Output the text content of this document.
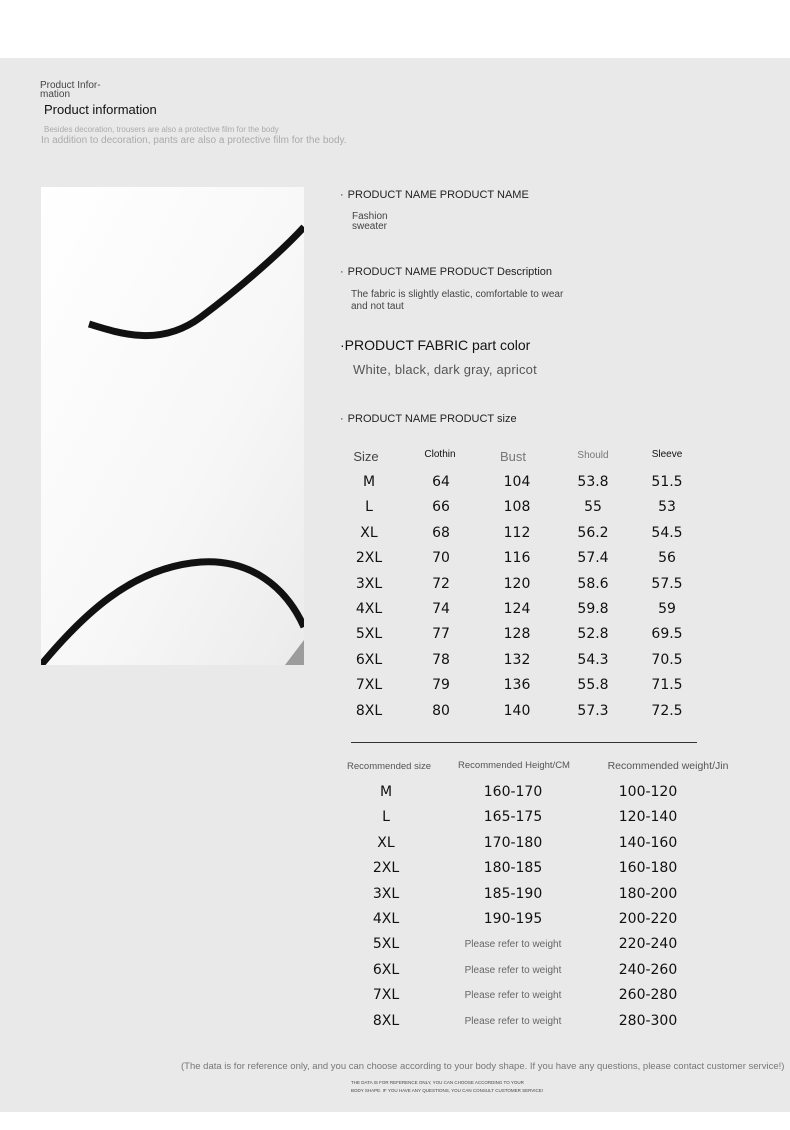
Product Infor-mation
Product information
Besides decoration, trousers are also a protective film for the body
In addition to decoration, pants are also a protective film for the body.
· PRODUCT NAME PRODUCT NAME
Fashion sweater
· PRODUCT NAME PRODUCT Description
The fabric is slightly elastic, comfortable to wear and not taut
·PRODUCT FABRIC part color
White, black, dark gray, apricot
· PRODUCT NAME PRODUCT size
Size	Clothin	Bust	Should	Sleeve
M	64	104	53.8	51.5
L	66	108	55	53
XL	68	112	56.2	54.5
2XL	70	116	57.4	56
3XL	72	120	58.6	57.5
4XL	74	124	59.8	59
5XL	77	128	52.8	69.5
6XL	78	132	54.3	70.5
7XL	79	136	55.8	71.5
8XL	80	140	57.3	72.5
Recommended size	Recommended Height/CM	Recommended weight/Jin
M	160-170	100-120
L	165-175	120-140
XL	170-180	140-160
2XL	180-185	160-180
3XL	185-190	180-200
4XL	190-195	200-220
5XL	Please refer to weight	220-240
6XL	Please refer to weight	240-260
7XL	Please refer to weight	260-280
8XL	Please refer to weight	280-300
(The data is for reference only, and you can choose according to your body shape. If you have any questions, please contact customer service!)
THE DATA IS FOR REFERENCE ONLY, YOU CAN CHOOSE ACCORDING TO YOUR
BODY SHAPE. IF YOU HAVE ANY QUESTIONS, YOU CAN CONSULT CUSTOMER SERVICE!
